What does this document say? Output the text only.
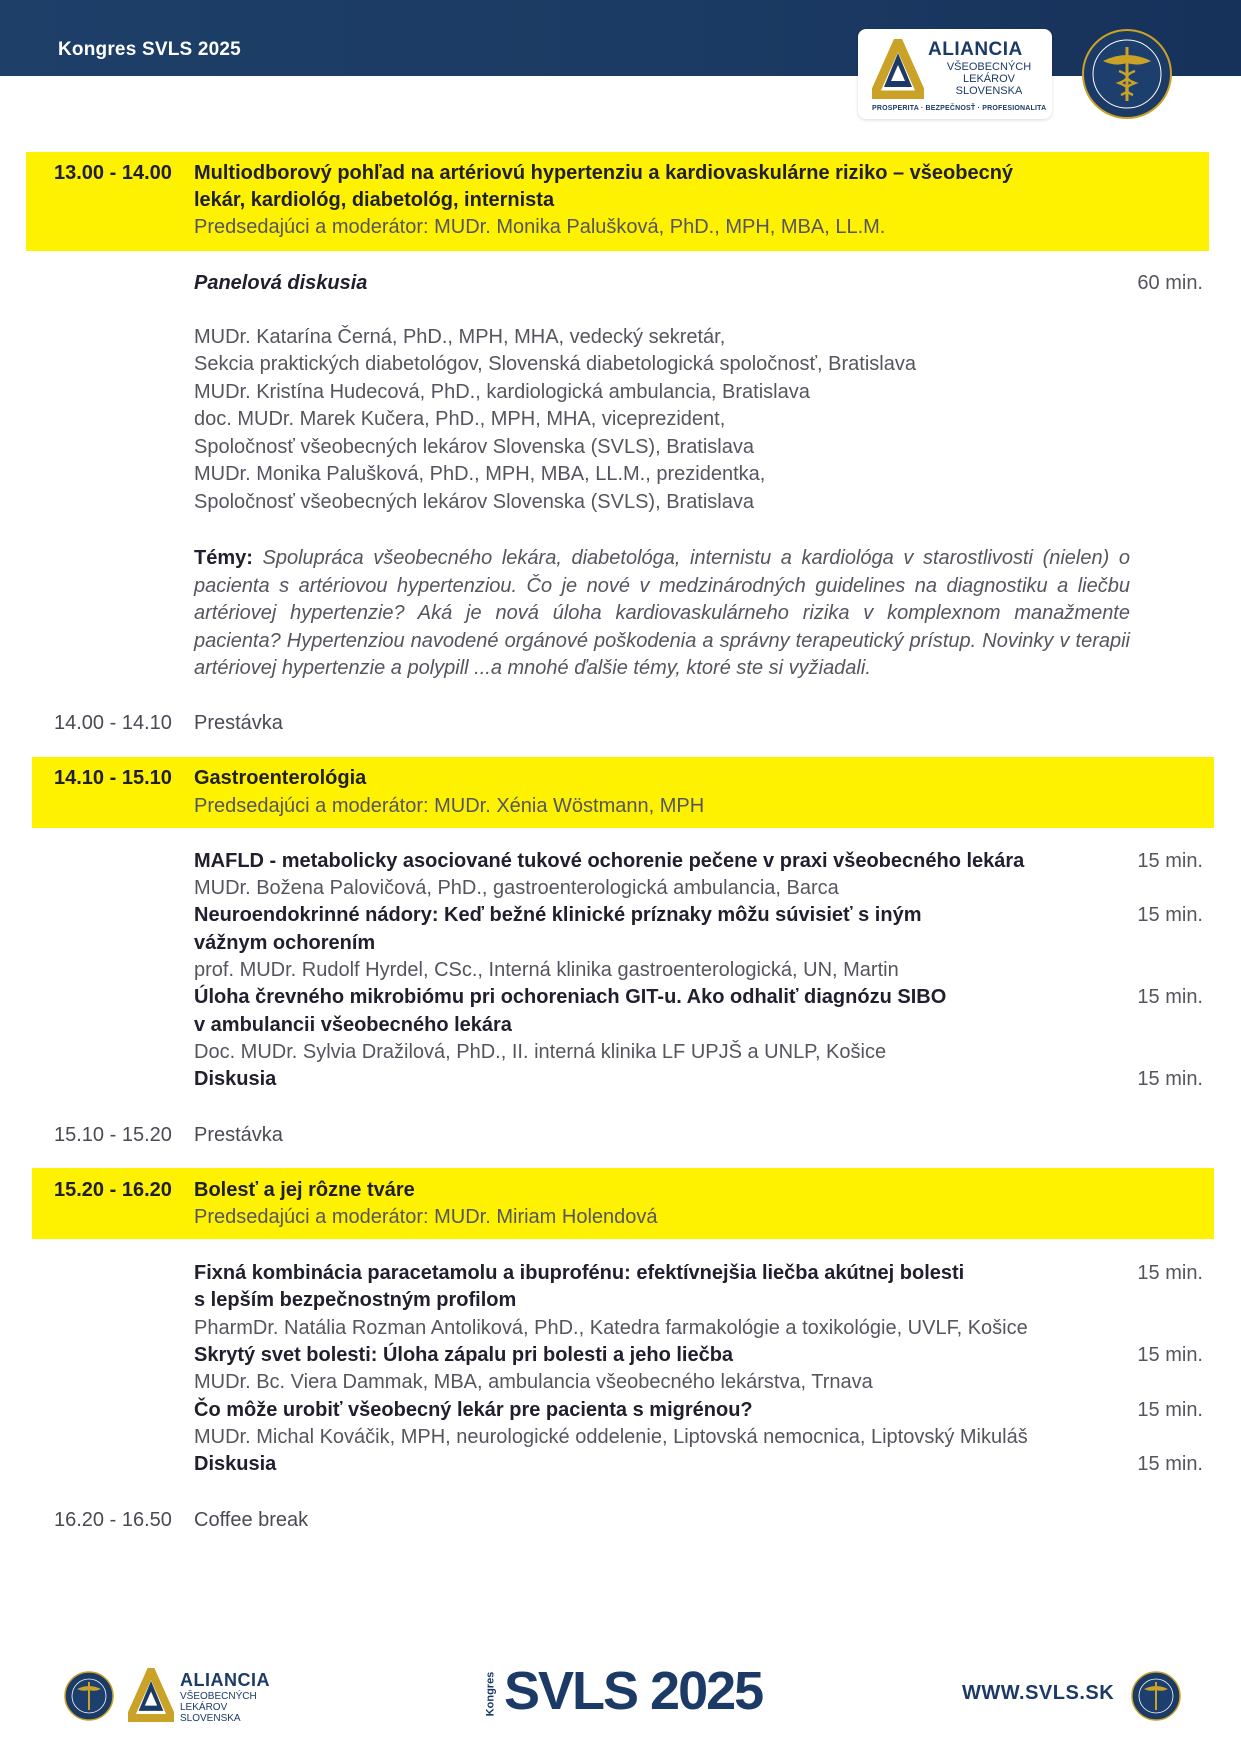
Kongres SVLS 2025	ALIANCIA
VŠEOBECNÝCH
LEKÁROV
SLOVENSKA
PROSPERITA · BEZPEČNOSŤ · PROFESIONALITA
13.00 - 14.00 Multiodborový pohľad na artériovú hypertenziu a kardiovaskulárne riziko – všeobecný
lekár, kardiológ, diabetológ, internista
Predsedajúci a moderátor: MUDr. Monika Palušková, PhD., MPH, MBA, LL.M.
Panelová diskusia	60 min.
MUDr. Katarína Černá, PhD., MPH, MHA, vedecký sekretár,
Sekcia praktických diabetológov, Slovenská diabetologická spoločnosť, Bratislava
MUDr. Kristína Hudecová, PhD., kardiologická ambulancia, Bratislava
doc. MUDr. Marek Kučera, PhD., MPH, MHA, viceprezident,
Spoločnosť všeobecných lekárov Slovenska (SVLS), Bratislava
MUDr. Monika Palušková, PhD., MPH, MBA, LL.M., prezidentka,
Spoločnosť všeobecných lekárov Slovenska (SVLS), Bratislava
Témy: Spolupráca všeobecného lekára, diabetológa, internistu a kardiológa v starostlivosti (nielen) o pacienta s artériovou hypertenziou. Čo je nové v medzinárodných guidelines na diagnostiku a liečbu artériovej hypertenzie? Aká je nová úloha kardiovaskulárneho rizika v komplexnom manažmente pacienta? Hypertenziou navodené orgánové poškodenia a správny terapeutický prístup. Novinky v terapii artériovej hypertenzie a polypill ...a mnohé ďalšie témy, ktoré ste si vyžiadali.
14.00 - 14.10 Prestávka
14.10 - 15.10 Gastroenterológia
Predsedajúci a moderátor: MUDr. Xénia Wöstmann, MPH
MAFLD - metabolicky asociované tukové ochorenie pečene v praxi všeobecného lekára	15 min.
MUDr. Božena Palovičová, PhD., gastroenterologická ambulancia, Barca
Neuroendokrinné nádory: Keď bežné klinické príznaky môžu súvisieť s iným	15 min.
vážnym ochorením
prof. MUDr. Rudolf Hyrdel, CSc., Interná klinika gastroenterologická, UN, Martin
Úloha črevného mikrobiómu pri ochoreniach GIT-u. Ako odhaliť diagnózu SIBO	15 min.
v ambulancii všeobecného lekára
Doc. MUDr. Sylvia Dražilová, PhD., II. interná klinika LF UPJŠ a UNLP, Košice
Diskusia	15 min.
15.10 - 15.20 Prestávka
15.20 - 16.20 Bolesť a jej rôzne tváre
Predsedajúci a moderátor: MUDr. Miriam Holendová
Fixná kombinácia paracetamolu a ibuprofénu: efektívnejšia liečba akútnej bolesti	15 min.
s lepším bezpečnostným profilom
PharmDr. Natália Rozman Antoliková, PhD., Katedra farmakológie a toxikológie, UVLF, Košice
Skrytý svet bolesti: Úloha zápalu pri bolesti a jeho liečba	15 min.
MUDr. Bc. Viera Dammak, MBA, ambulancia všeobecného lekárstva, Trnava
Čo môže urobiť všeobecný lekár pre pacienta s migrénou?	15 min.
MUDr. Michal Kováčik, MPH, neurologické oddelenie, Liptovská nemocnica, Liptovský Mikuláš
Diskusia	15 min.
16.20 - 16.50 Coffee break
ALIANCIA
VŠEOBECNÝCH
LEKÁROV
SLOVENSKA
Kongres SVLS 2025	WWW.SVLS.SK
